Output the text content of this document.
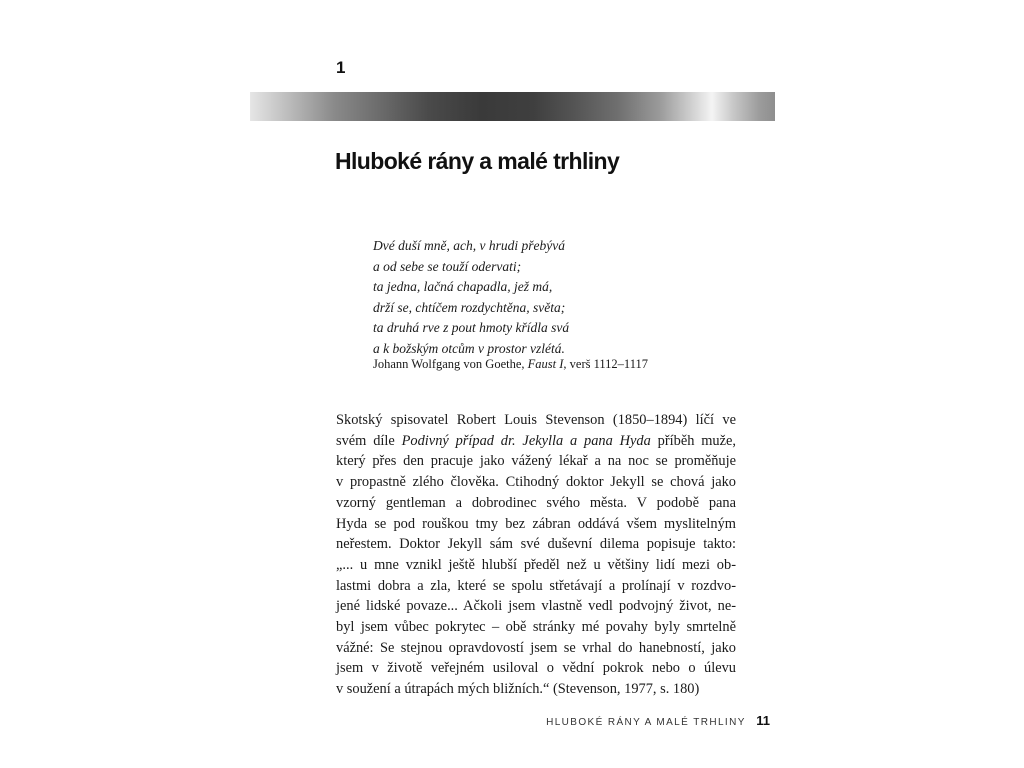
1
Hluboké rány a malé trhliny
Dvé duší mně, ach, v hrudi přebývá
a od sebe se touží odervati;
ta jedna, lačná chapadla, jež má,
drží se, chtíčem rozdychtěna, světa;
ta druhá rve z pout hmoty křídla svá
a k božským otcům v prostor vzlétá.
Johann Wolfgang von Goethe, Faust I, verš 1112–1117
Skotský spisovatel Robert Louis Stevenson (1850–1894) líčí ve
svém díle Podivný případ dr. Jekylla a pana Hyda příběh muže,
který přes den pracuje jako vážený lékař a na noc se proměňuje
v propastně zlého člověka. Ctihodný doktor Jekyll se chová jako
vzorný gentleman a dobrodinec svého města. V podobě pana
Hyda se pod rouškou tmy bez zábran oddává všem myslitelným
neřestem. Doktor Jekyll sám své duševní dilema popisuje takto:
„... u mne vznikl ještě hlubší předěl než u většiny lidí mezi ob-
lastmi dobra a zla, které se spolu střetávají a prolínají v rozdvo-
jené lidské povaze... Ačkoli jsem vlastně vedl podvojný život, ne-
byl jsem vůbec pokrytec – obě stránky mé povahy byly smrtelně
vážné: Se stejnou opravdovostí jsem se vrhal do hanebností, jako
jsem v životě veřejném usiloval o vědní pokrok nebo o úlevu
v soužení a útrapách mých bližních.“ (Stevenson, 1977, s. 180)
HLUBOKÉ RÁNY A MALÉ TRHLINY 11
